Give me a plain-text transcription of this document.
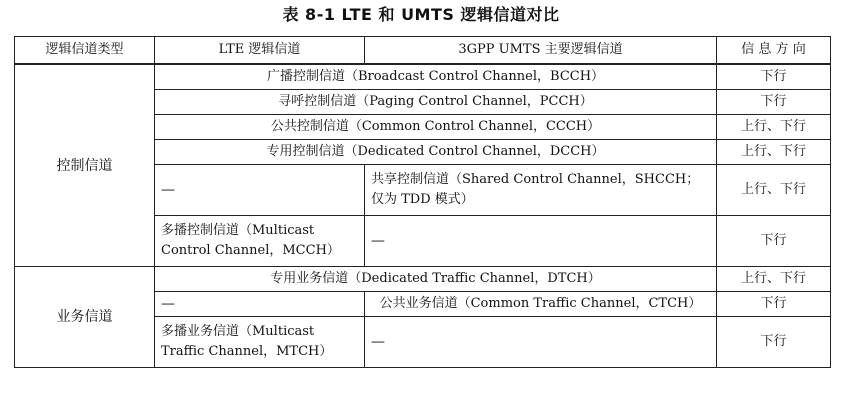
表 8-1 LTE 和 UMTS 逻辑信道对比
逻辑信道类型	LTE 逻辑信道	3GPP UMTS 主要逻辑信道	信 息 方 向
控制信道	广播控制信道（Broadcast Control Channel，BCCH）		下行
	寻呼控制信道（Paging Control Channel，PCCH）		下行
	公共控制信道（Common Control Channel，CCCH）		上行、下行
	专用控制信道（Dedicated Control Channel，DCCH）		上行、下行
	—	共享控制信道（Shared Control Channel，SHCCH；仅为 TDD 模式）	上行、下行
	多播控制信道（Multicast Control Channel，MCCH）	—	下行
业务信道	专用业务信道（Dedicated Traffic Channel，DTCH）		上行、下行
	—	公共业务信道（Common Traffic Channel，CTCH）	下行
	多播业务信道（Multicast Traffic Channel，MTCH）	—	下行
